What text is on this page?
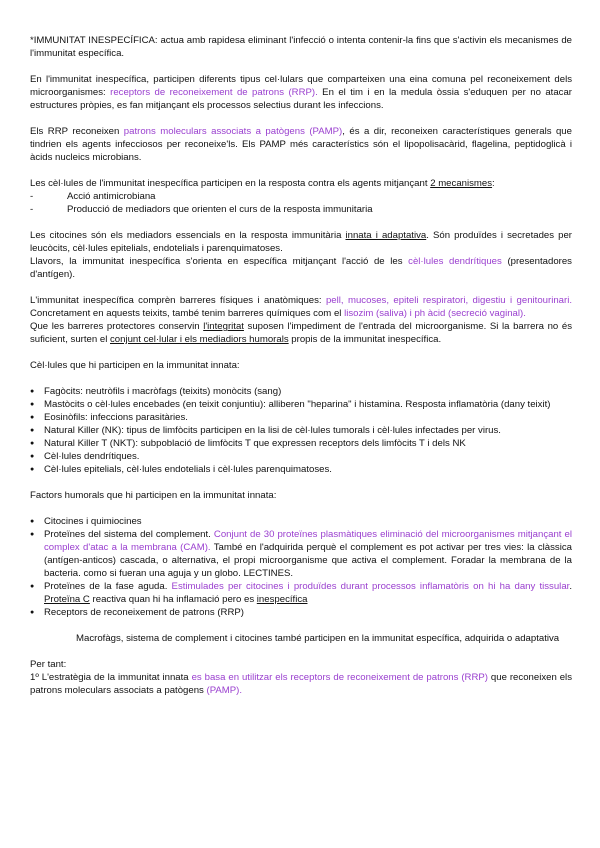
*IMMUNITAT INESPECÍFICA: actua amb rapidesa eliminant l'infecció o intenta contenir-la fins que s'activin els mecanismes de l'immunitat específica.

En l'immunitat inespecífica, participen diferents tipus cel·lulars que comparteixen una eina comuna pel reconeixement dels microorganismes: receptors de reconeixement de patrons (RRP). En el tim i en la medula òssia s'eduquen per no atacar estructures pròpies, es fan mitjançant els processos selectius durant les infeccions.

Els RRP reconeixen patrons moleculars associats a patògens (PAMP), és a dir, reconeixen característiques generals que tindrien els agents infecciosos per reconeixe'ls. Els PAMP més característics són el lipopolisacàrid, flagelina, peptidoglicà i àcids nucleics microbians.

Les cèl·lules de l'immunitat inespecífica participen en la resposta contra els agents mitjançant 2 mecanismes:

-	Acció antimicrobiana
-	Producció de mediadors que orienten el curs de la resposta immunitaria

Les citocines són els mediadors essencials en la resposta immunitària innata i adaptativa. Són produïdes i secretades per leucòcits, cèl·lules epitelials, endotelials i parenquimatoses.

Llavors, la immunitat inespecífica s'orienta en específica mitjançant l'acció de les cèl·lules dendrítiques (presentadores d'antígen).

L'immunitat inespecífica comprèn barreres físiques i anatòmiques: pell, mucoses, epiteli respiratori, digestiu i genitourinari. Concretament en aquests teixits, també tenim barreres químiques com el lisozim (saliva) i ph àcid (secreció vaginal).

Que les barreres protectores conservin l'integritat suposen l'impediment de l'entrada del microorganisme. Si la barrera no és suficient, surten el conjunt cel·lular i els mediadiors humorals propis de la immunitat inespecífica.

Cèl·lules que hi participen en la immunitat innata:

● Fagòcits: neutròfils i macròfags (teixits) monòcits (sang)
● Mastòcits o cèl·lules encebades (en teixit conjuntiu): alliberen "heparina" i histamina. Resposta inflamatòria (dany teixit)
● Eosinòfils: infeccions parasitàries.
● Natural Killer (NK): tipus de limfòcits participen en la lisi de cèl·lules tumorals i cèl·lules infectades per virus.
● Natural Killer T (NKT): subpoblació de limfòcits T que expressen receptors dels limfòcits T i dels NK
● Cèl·lules dendrítiques.
● Cèl·lules epitelials, cèl·lules endotelials i cèl·lules parenquimatoses.

Factors humorals que hi participen en la immunitat innata:

● Citocines i quimiocines
● Proteïnes del sistema del complement. Conjunt de 30 proteïnes plasmàtiques eliminació del microorganismes mitjançant el complex d'atac a la membrana (CAM). També en l'adquirida perquè el complement es pot activar per tres vies: la clàssica (antígen-anticos) cascada, o alternativa, el propi microorganisme que activa el complement. Foradar la membrana de la bacteria. como si fueran una aguja y un globo. LECTINES.
● Proteïnes de la fase aguda. Estimulades per citocines i produïdes durant processos inflamatòris on hi ha dany tissular. Proteïna C reactiva quan hi ha inflamació pero es inespecífica
● Receptors de reconeixement de patrons (RRP)

Macrofàgs, sistema de complement i citocines també participen en la immunitat específica, adquirida o adaptativa

Per tant:

1º L'estratègia de la immunitat innata es basa en utilitzar els receptors de reconeixement de patrons (RRP) que reconeixen els patrons moleculars associats a patògens (PAMP).
